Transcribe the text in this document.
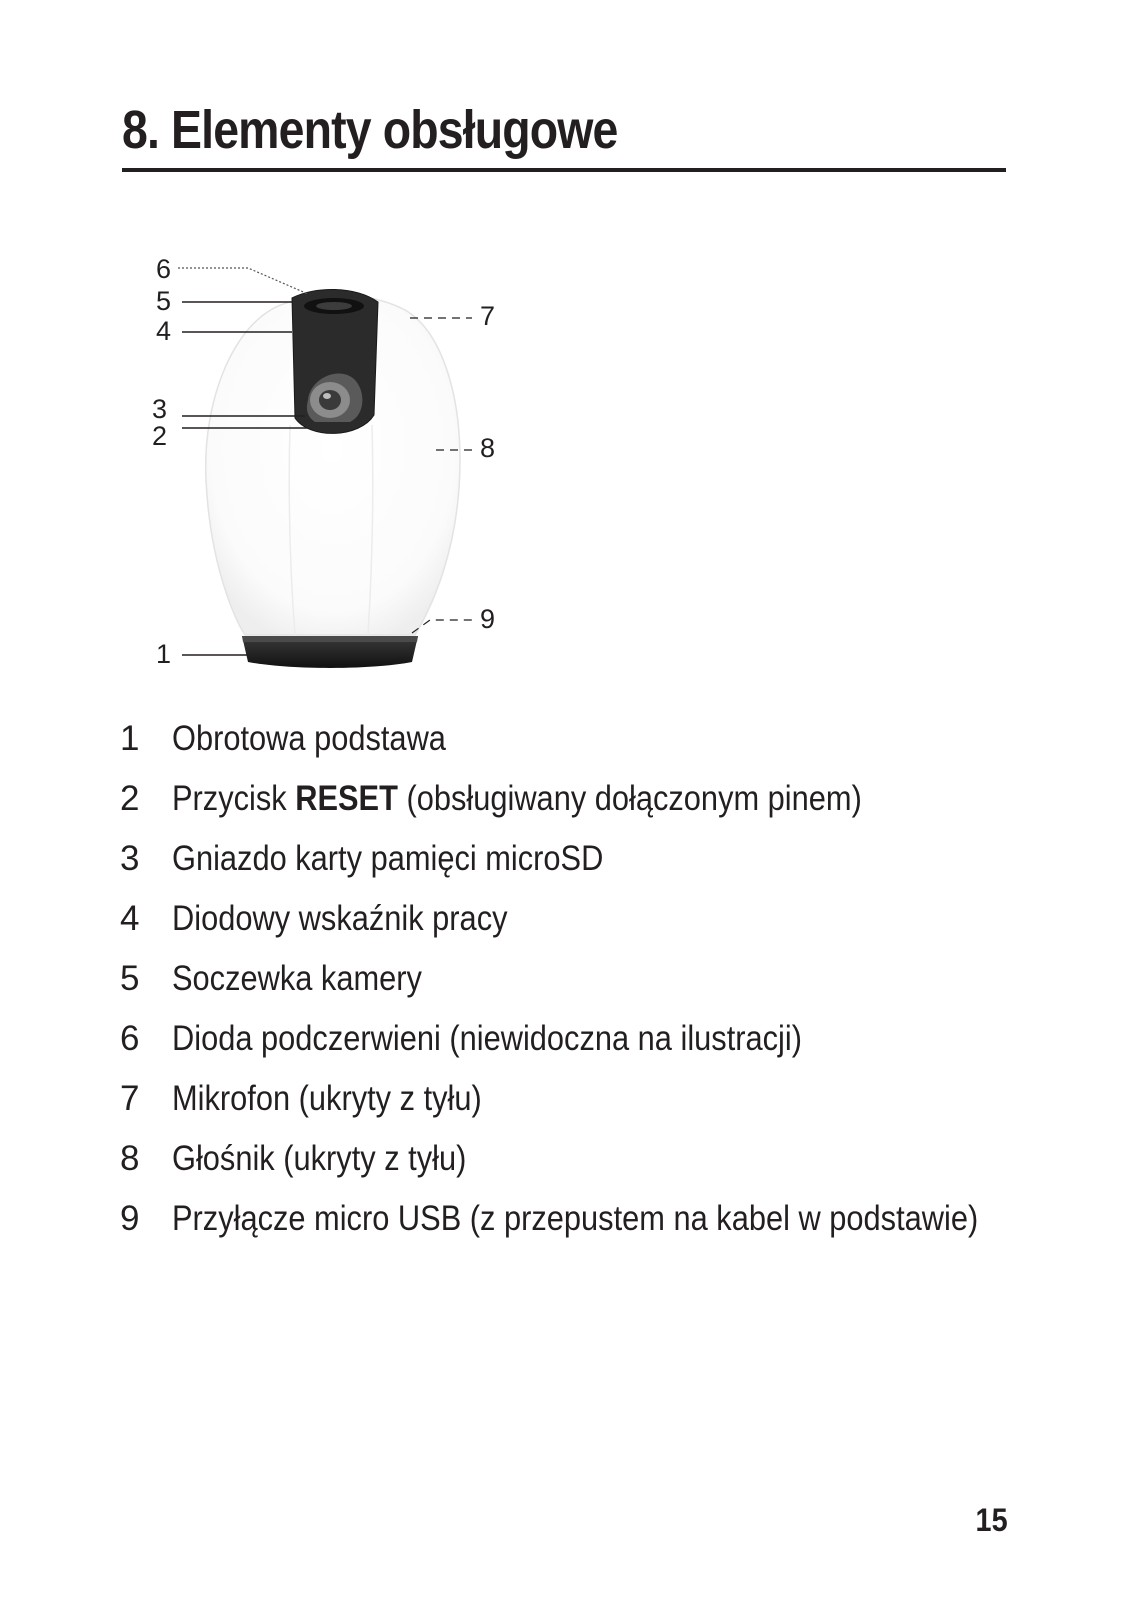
8. Elementy obsługowe
6
5
4
3
2
1
7
8
9
1 Obrotowa podstawa
2 Przycisk RESET (obsługiwany dołączonym pinem)
3 Gniazdo karty pamięci microSD
4 Diodowy wskaźnik pracy
5 Soczewka kamery
6 Dioda podczerwieni (niewidoczna na ilustracji)
7 Mikrofon (ukryty z tyłu)
8 Głośnik (ukryty z tyłu)
9 Przyłącze micro USB (z przepustem na kabel w podstawie)
15
